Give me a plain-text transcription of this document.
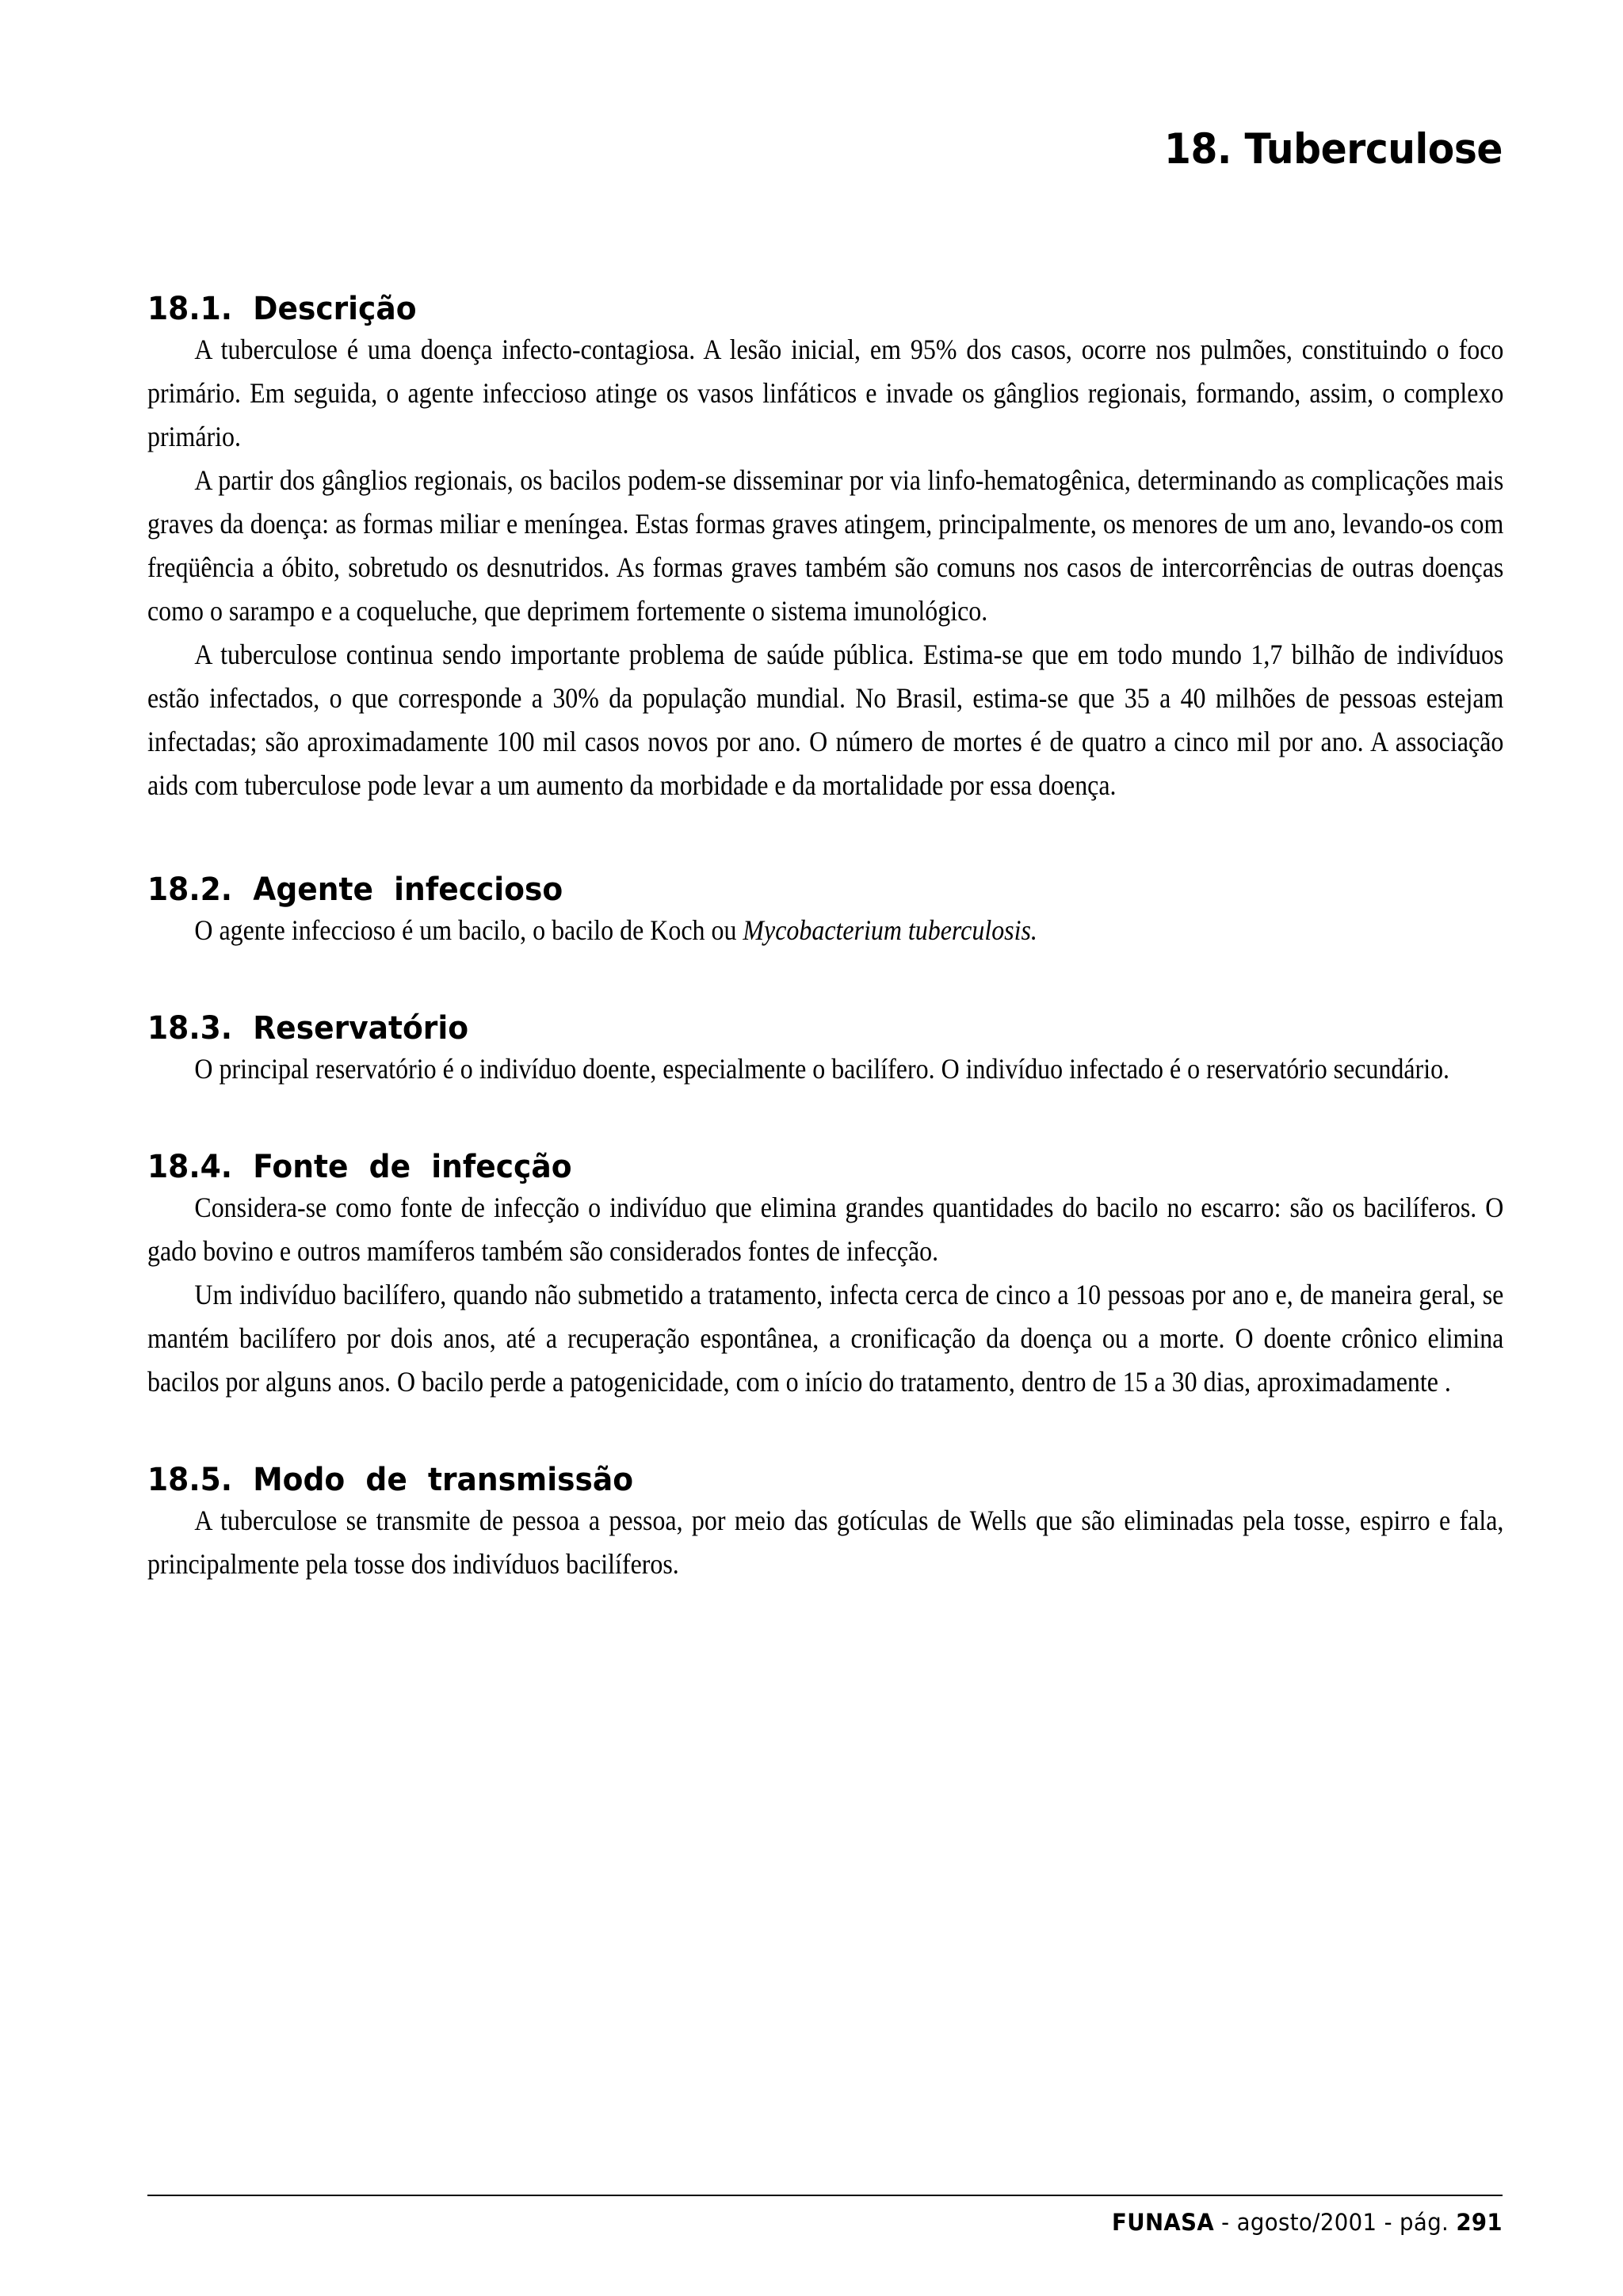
18. Tuberculose
18.1.  Descrição

A tuberculose é uma doença infecto-contagiosa. A lesão inicial, em 95% dos casos, ocorre nos pulmões, constituindo o foco primário. Em seguida, o agente infeccioso atinge os vasos linfáticos e invade os gânglios regionais, formando, assim, o complexo primário.

A partir dos gânglios regionais, os bacilos podem-se disseminar por via linfo-hematogênica, determinando as complicações mais graves da doença: as formas miliar e meníngea. Estas formas graves atingem, principalmente, os menores de um ano, levando-os com freqüência a óbito, sobretudo os desnutridos. As formas graves também são comuns nos casos de intercorrências de outras doenças como o sarampo e a coqueluche, que deprimem fortemente o sistema imunológico.

A tuberculose continua sendo importante problema de saúde pública. Estima-se que em todo mundo 1,7 bilhão de indivíduos estão infectados, o que corresponde a 30% da população mundial. No Brasil, estima-se que 35 a 40 milhões de pessoas estejam infectadas; são aproximadamente 100 mil casos novos por ano. O número de mortes é de quatro a cinco mil por ano. A associação aids com tuberculose pode levar a um aumento da morbidade e da mortalidade por essa doença.

18.2.  Agente  infeccioso

O agente infeccioso é um bacilo, o bacilo de Koch ou Mycobacterium tuberculosis.

18.3.  Reservatório

O principal reservatório é o indivíduo doente, especialmente o bacilífero. O indivíduo infectado é o reservatório secundário.

18.4.  Fonte  de  infecção

Considera-se como fonte de infecção o indivíduo que elimina grandes quantidades do bacilo no escarro: são os bacilíferos. O gado bovino e outros mamíferos também são considerados fontes de infecção.

Um indivíduo bacilífero, quando não submetido a tratamento, infecta cerca de cinco a 10 pessoas por ano e, de maneira geral, se mantém bacilífero por dois anos, até a recuperação espontânea, a cronificação da doença ou a morte. O doente crônico elimina bacilos por alguns anos. O bacilo perde a patogenicidade, com o início do tratamento, dentro de 15 a 30 dias, aproximadamente .

18.5.  Modo  de  transmissão

A tuberculose se transmite de pessoa a pessoa, por meio das gotículas de Wells que são eliminadas pela tosse, espirro e fala, principalmente pela tosse dos indivíduos bacilíferos.

FUNASA - agosto/2001 - pág. 291
